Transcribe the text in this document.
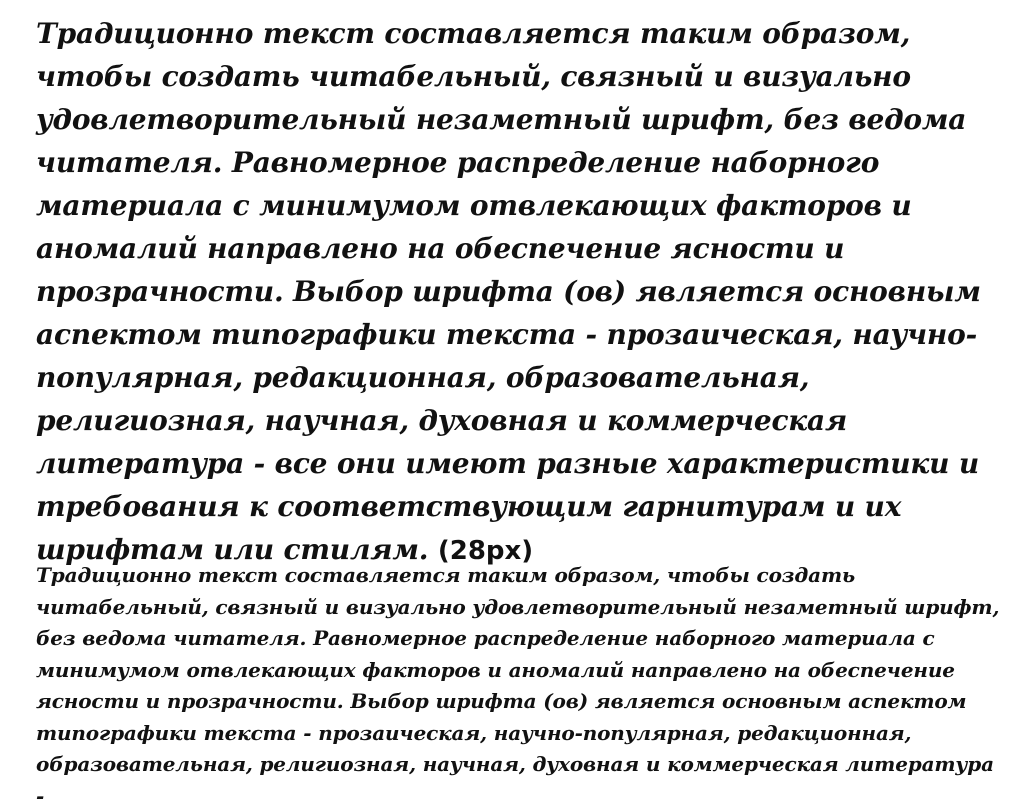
Традиционно текст составляется таким образом, чтобы создать читабельный, связный и визуально удовлетворительный незаметный шрифт, без ведома читателя. Равномерное распределение наборного материала с минимумом отвлекающих факторов и аномалий направлено на обеспечение ясности и прозрачности. Выбор шрифта (ов) является основным аспектом типографики текста - прозаическая, научно-популярная, редакционная, образовательная, религиозная, научная, духовная и коммерческая литература - все они имеют разные характеристики и требования к соответствующим гарнитурам и их шрифтам или стилям. (28px)

Традиционно текст составляется таким образом, чтобы создать читабельный, связный и визуально удовлетворительный незаметный шрифт, без ведома читателя. Равномерное распределение наборного материала с минимумом отвлекающих факторов и аномалий направлено на обеспечение ясности и прозрачности. Выбор шрифта (ов) является основным аспектом типографики текста - прозаическая, научно-популярная, редакционная, образовательная, религиозная, научная, духовная и коммерческая литература -
